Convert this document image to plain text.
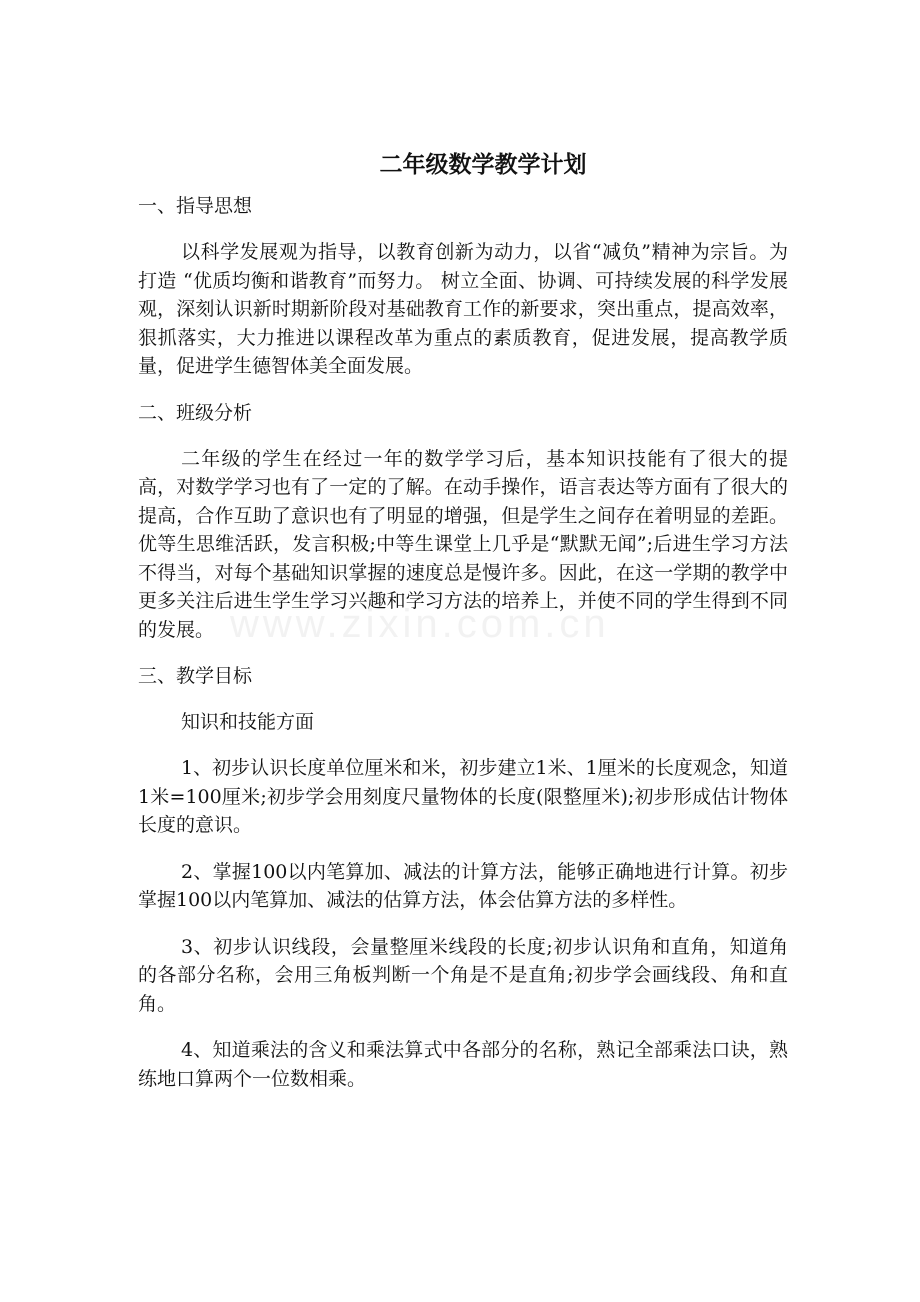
www.zixin.com.cn
二年级数学教学计划
一、指导思想

以科学发展观为指导，以教育创新为动力，以省“减负”精神为宗旨。为打造 “优质均衡和谐教育”而努力。 树立全面、协调、可持续发展的科学发展观，深刻认识新时期新阶段对基础教育工作的新要求，突出重点，提高效率，狠抓落实，大力推进以课程改革为重点的素质教育，促进发展，提高教学质量，促进学生德智体美全面发展。

二、班级分析

二年级的学生在经过一年的数学学习后，基本知识技能有了很大的提高，对数学学习也有了一定的了解。在动手操作，语言表达等方面有了很大的提高，合作互助了意识也有了明显的增强，但是学生之间存在着明显的差距。优等生思维活跃，发言积极;中等生课堂上几乎是“默默无闻”;后进生学习方法不得当，对每个基础知识掌握的速度总是慢许多。因此，在这一学期的教学中更多关注后进生学生学习兴趣和学习方法的培养上，并使不同的学生得到不同的发展。

三、教学目标
知识和技能方面

1、初步认识长度单位厘米和米，初步建立1米、1厘米的长度观念，知道1米=100厘米;初步学会用刻度尺量物体的长度(限整厘米);初步形成估计物体长度的意识。

2、掌握100以内笔算加、减法的计算方法，能够正确地进行计算。初步掌握100以内笔算加、减法的估算方法，体会估算方法的多样性。

3、初步认识线段，会量整厘米线段的长度;初步认识角和直角，知道角的各部分名称，会用三角板判断一个角是不是直角;初步学会画线段、角和直角。

4、知道乘法的含义和乘法算式中各部分的名称，熟记全部乘法口诀，熟练地口算两个一位数相乘。
